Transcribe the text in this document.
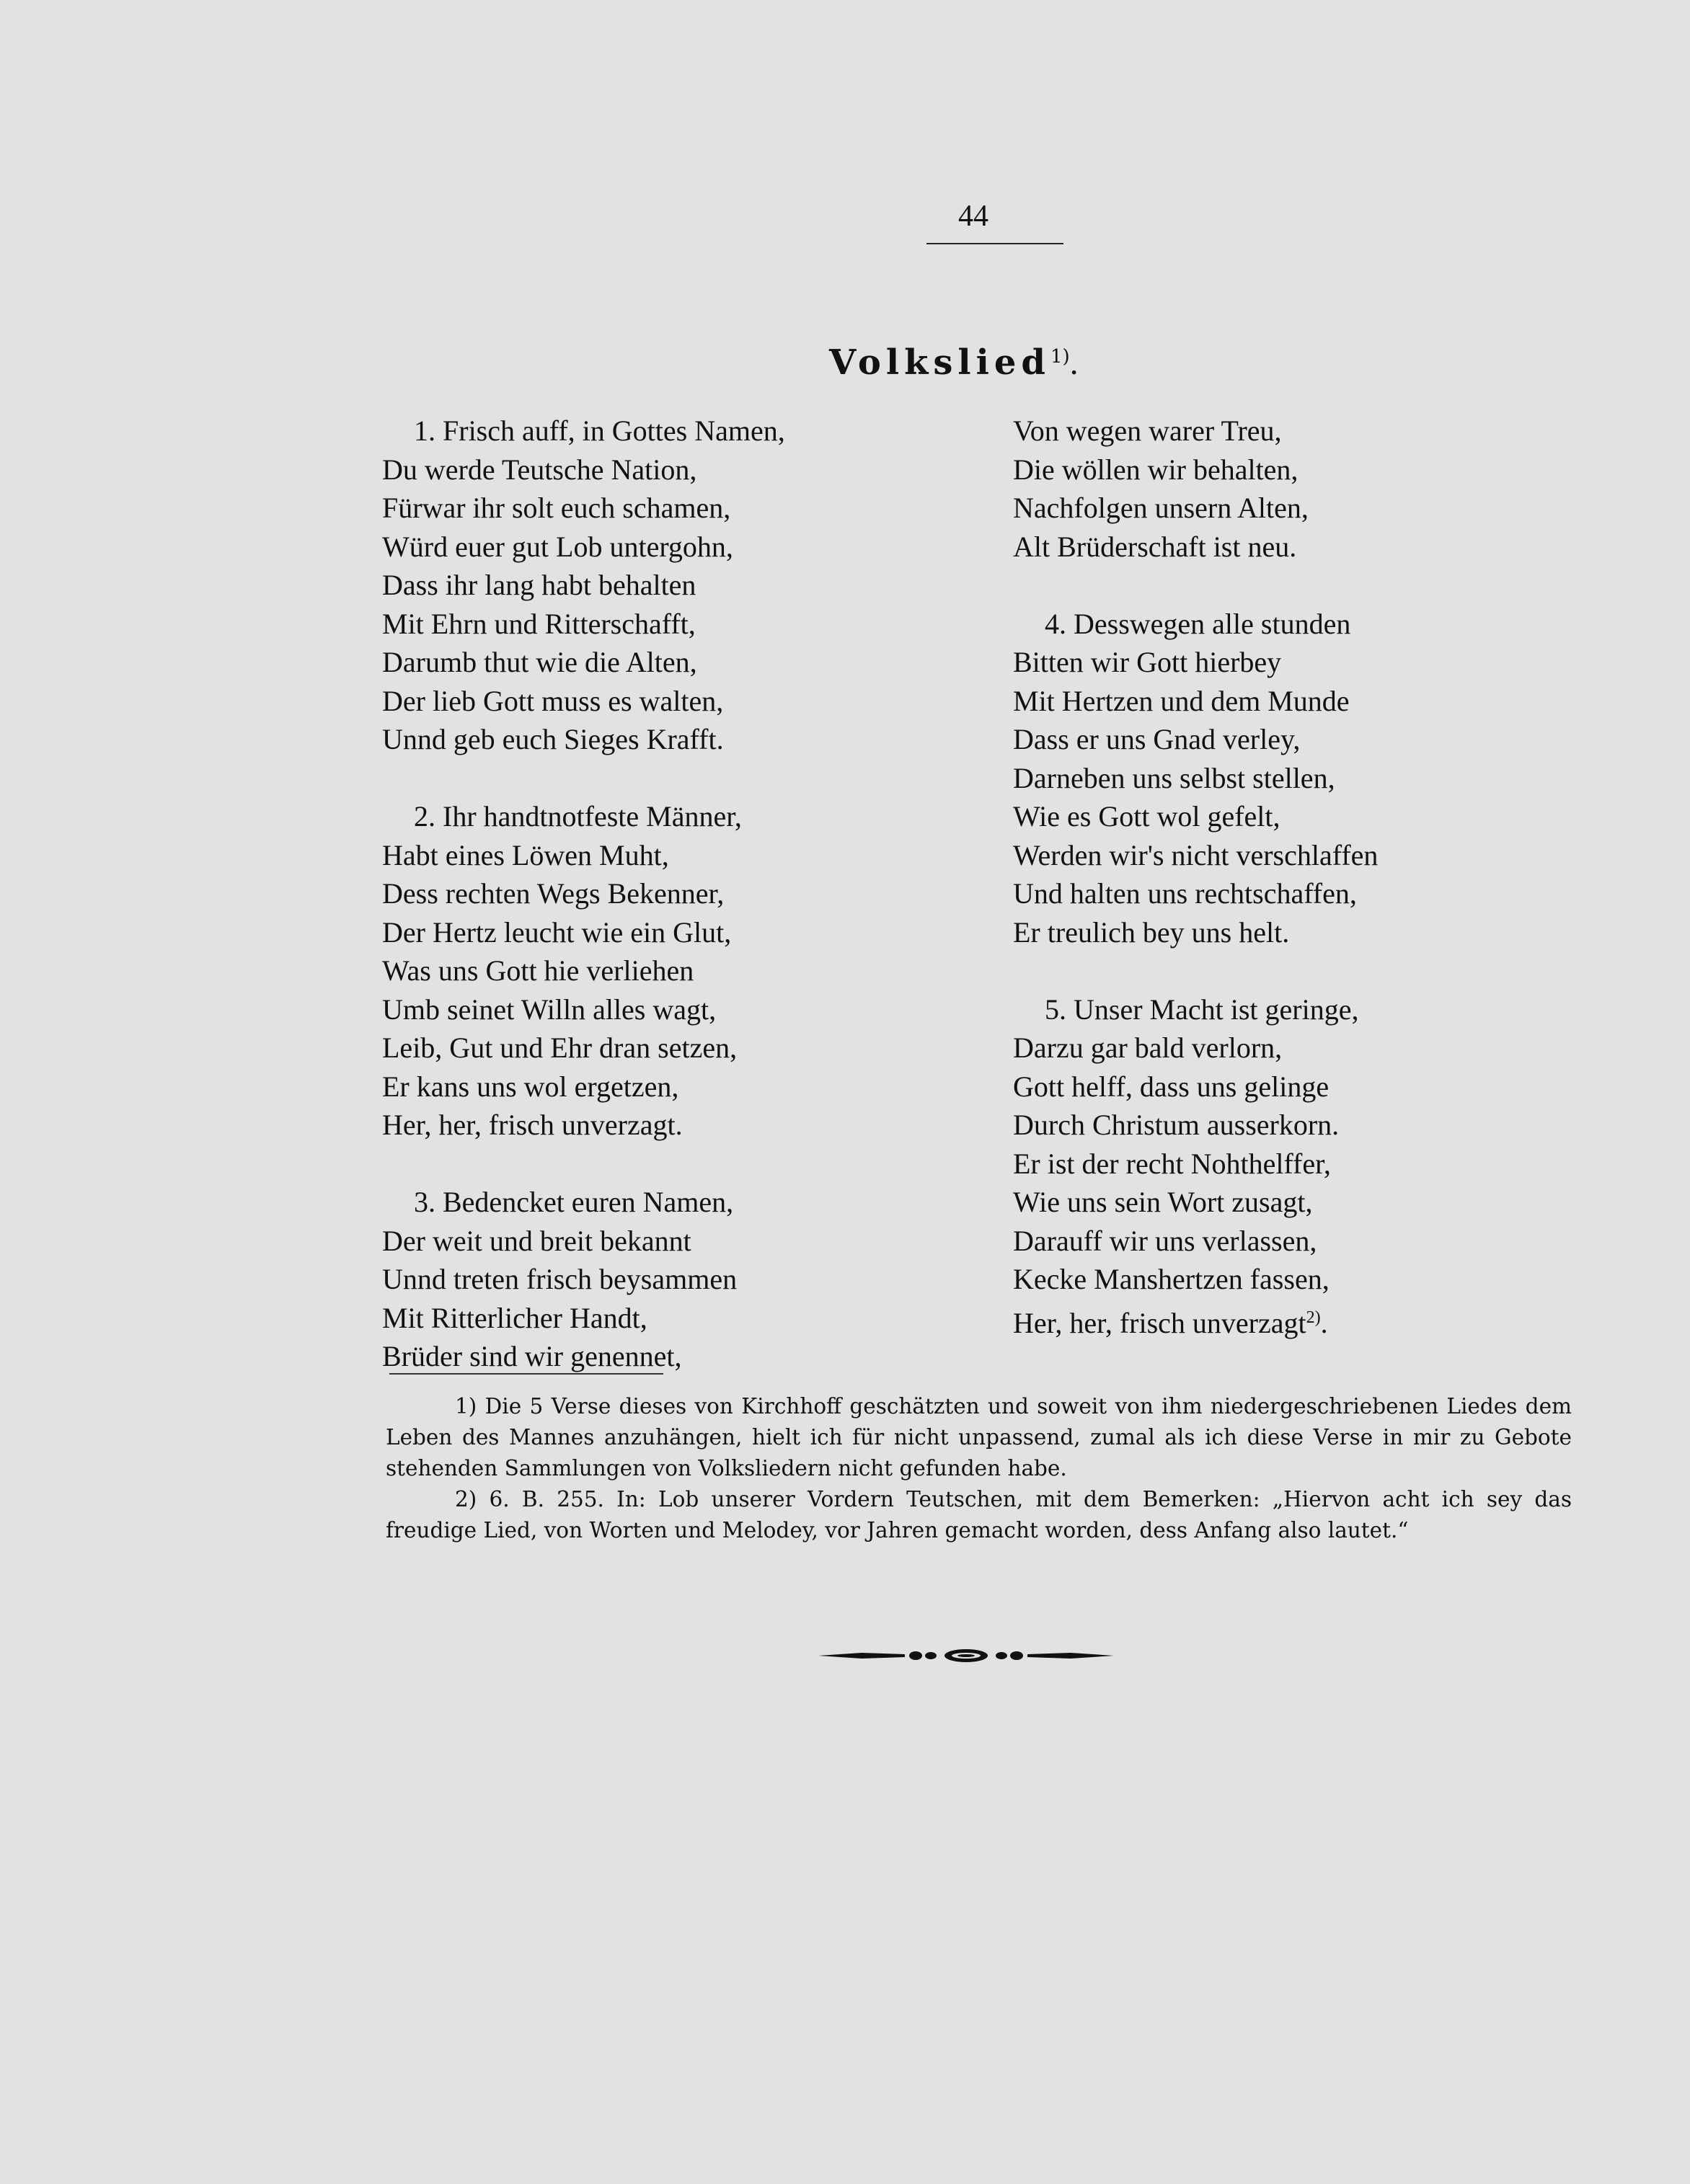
44
Volkslied$^{1)}$.
1. Frisch auff, in Gottes Namen,
Du werde Teutsche Nation,
Fürwar ihr solt euch schamen,
Würd euer gut Lob untergohn,
Dass ihr lang habt behalten
Mit Ehrn und Ritterschafft,
Darumb thut wie die Alten,
Der lieb Gott muss es walten,
Unnd geb euch Sieges Krafft.
2. Ihr handtnotfeste Männer,
Habt eines Löwen Muht,
Dess rechten Wegs Bekenner,
Der Hertz leucht wie ein Glut,
Was uns Gott hie verliehen
Umb seinet Willn alles wagt,
Leib, Gut und Ehr dran setzen,
Er kans uns wol ergetzen,
Her, her, frisch unverzagt.
3. Bedencket euren Namen,
Der weit und breit bekannt
Unnd treten frisch beysammen
Mit Ritterlicher Handt,
Brüder sind wir genennet,
Von wegen warer Treu,
Die wöllen wir behalten,
Nachfolgen unsern Alten,
Alt Brüderschaft ist neu.
4. Desswegen alle stunden
Bitten wir Gott hierbey
Mit Hertzen und dem Munde
Dass er uns Gnad verley,
Darneben uns selbst stellen,
Wie es Gott wol gefelt,
Werden wir's nicht verschlaffen
Und halten uns rechtschaffen,
Er treulich bey uns helt.
5. Unser Macht ist geringe,
Darzu gar bald verlorn,
Gott helff, dass uns gelinge
Durch Christum ausserkorn.
Er ist der recht Nohthelffer,
Wie uns sein Wort zusagt,
Darauff wir uns verlassen,
Kecke Manshertzen fassen,
Her, her, frisch unverzagt$^{2)}$.
1) Die 5 Verse dieses von Kirchhoff geschätzten und soweit von ihm niedergeschriebenen Liedes dem Leben des Mannes anzuhängen, hielt ich für nicht unpassend, zumal als ich diese Verse in mir zu Gebote stehenden Sammlungen von Volksliedern nicht gefunden habe.
2) 6. B. 255. In: Lob unserer Vordern Teutschen, mit dem Bemerken: „Hiervon acht ich sey das freudige Lied, von Worten und Melodey, vor Jahren gemacht worden, dess Anfang also lautet.“
